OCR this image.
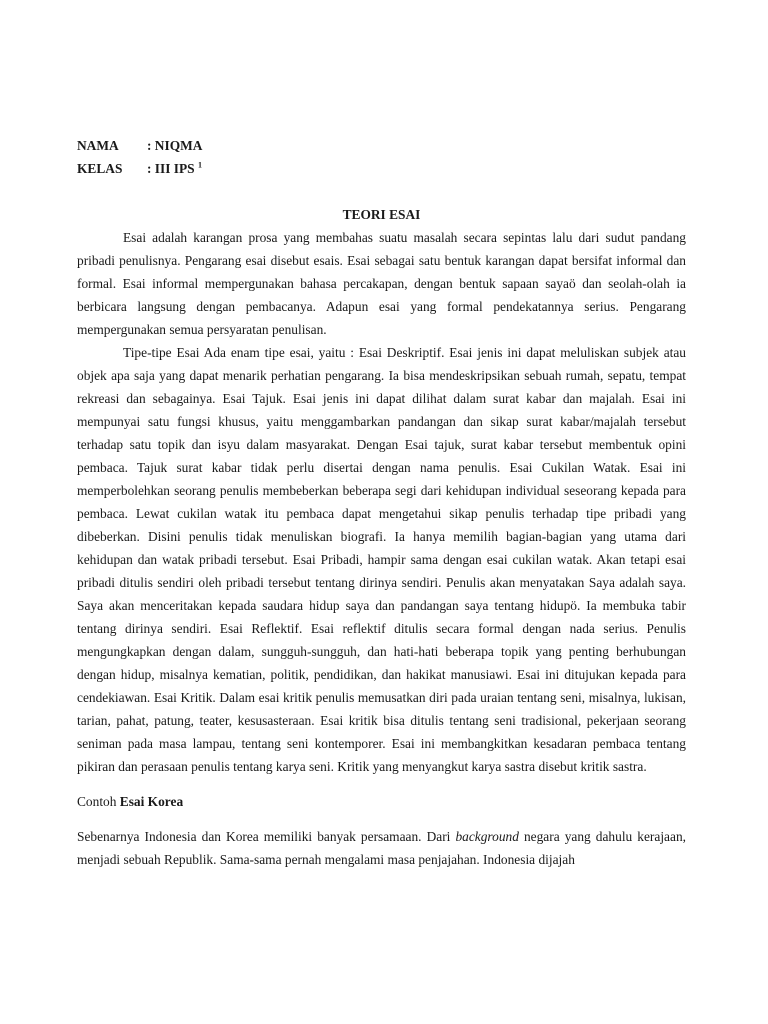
NAMA	: NIQMA
KELAS	: III IPS $^1$
TEORI ESAI

Esai adalah karangan prosa yang membahas suatu masalah secara sepintas lalu dari sudut pandang pribadi penulisnya. Pengarang esai disebut esais. Esai sebagai satu bentuk karangan dapat bersifat informal dan formal. Esai informal mempergunakan bahasa percakapan, dengan bentuk sapaan sayaö dan seolah-olah ia berbicara langsung dengan pembacanya. Adapun esai yang formal pendekatannya serius. Pengarang mempergunakan semua persyaratan penulisan.

Tipe-tipe Esai Ada enam tipe esai, yaitu : Esai Deskriptif. Esai jenis ini dapat meluliskan subjek atau objek apa saja yang dapat menarik perhatian pengarang. Ia bisa mendeskripsikan sebuah rumah, sepatu, tempat rekreasi dan sebagainya. Esai Tajuk. Esai jenis ini dapat dilihat dalam surat kabar dan majalah. Esai ini mempunyai satu fungsi khusus, yaitu menggambarkan pandangan dan sikap surat kabar/majalah tersebut terhadap satu topik dan isyu dalam masyarakat. Dengan Esai tajuk, surat kabar tersebut membentuk opini pembaca. Tajuk surat kabar tidak perlu disertai dengan nama penulis. Esai Cukilan Watak. Esai ini memperbolehkan seorang penulis membeberkan beberapa segi dari kehidupan individual seseorang kepada para pembaca. Lewat cukilan watak itu pembaca dapat mengetahui sikap penulis terhadap tipe pribadi yang dibeberkan. Disini penulis tidak menuliskan biografi. Ia hanya memilih bagian-bagian yang utama dari kehidupan dan watak pribadi tersebut. Esai Pribadi, hampir sama dengan esai cukilan watak. Akan tetapi esai pribadi ditulis sendiri oleh pribadi tersebut tentang dirinya sendiri. Penulis akan menyatakan Saya adalah saya. Saya akan menceritakan kepada saudara hidup saya dan pandangan saya tentang hidupö. Ia membuka tabir tentang dirinya sendiri. Esai Reflektif. Esai reflektif ditulis secara formal dengan nada serius. Penulis mengungkapkan dengan dalam, sungguh-sungguh, dan hati-hati beberapa topik yang penting berhubungan dengan hidup, misalnya kematian, politik, pendidikan, dan hakikat manusiawi. Esai ini ditujukan kepada para cendekiawan. Esai Kritik. Dalam esai kritik penulis memusatkan diri pada uraian tentang seni, misalnya, lukisan, tarian, pahat, patung, teater, kesusasteraan. Esai kritik bisa ditulis tentang seni tradisional, pekerjaan seorang seniman pada masa lampau, tentang seni kontemporer. Esai ini membangkitkan kesadaran pembaca tentang pikiran dan perasaan penulis tentang karya seni. Kritik yang menyangkut karya sastra disebut kritik sastra.

Contoh Esai Korea

Sebenarnya Indonesia dan Korea memiliki banyak persamaan. Dari background negara yang dahulu kerajaan, menjadi sebuah Republik. Sama-sama pernah mengalami masa penjajahan. Indonesia dijajah
